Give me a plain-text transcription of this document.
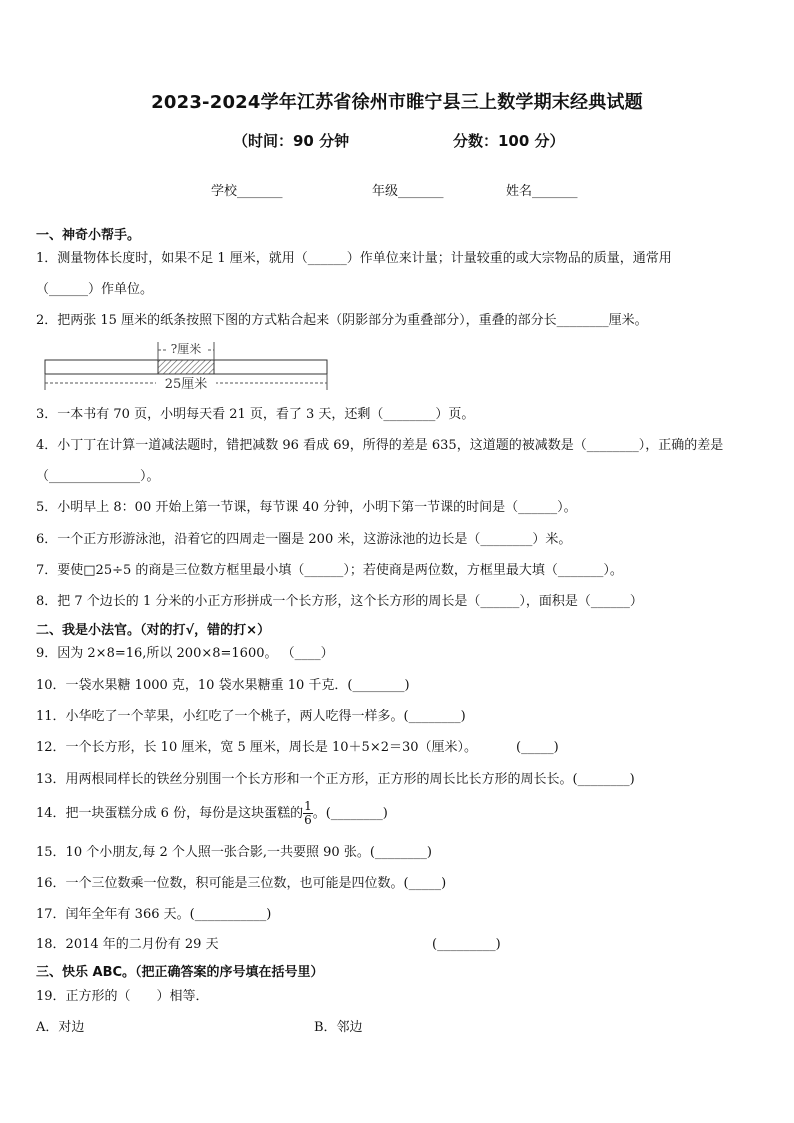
2023-2024学年江苏省徐州市睢宁县三上数学期末经典试题
（时间：90 分钟	分数：100 分）
学校_______	年级_______	姓名_______
一、神奇小帮手。
1．测量物体长度时，如果不足 1 厘米，就用（______）作单位来计量；计量较重的或大宗物品的质量，通常用
（______）作单位。
2．把两张 15 厘米的纸条按照下图的方式粘合起来（阴影部分为重叠部分），重叠的部分长________厘米。
?厘米
25厘米
3．一本书有 70 页，小明每天看 21 页，看了 3 天，还剩（________）页。
4．小丁丁在计算一道减法题时，错把减数 96 看成 69，所得的差是 635，这道题的被减数是（________），正确的差是
（______________）。
5．小明早上 8：00 开始上第一节课，每节课 40 分钟，小明下第一节课的时间是（______）。
6．一个正方形游泳池，沿着它的四周走一圈是 200 米，这游泳池的边长是（________）米。
7．要使□25÷5 的商是三位数方框里最小填（______）；若使商是两位数，方框里最大填（_______）。
8．把 7 个边长的 1 分米的小正方形拼成一个长方形，这个长方形的周长是（______），面积是（______）
二、我是小法官。（对的打√，错的打×）
9．因为 2×8=16,所以 200×8=1600。 （____）
10．一袋水果糖 1000 克，10 袋水果糖重 10 千克．(________)
11．小华吃了一个苹果，小红吃了一个桃子，两人吃得一样多。(________)
12．一个长方形，长 10 厘米，宽 5 厘米，周长是 10＋5×2＝30（厘米）。	(_____)
13．用两根同样长的铁丝分别围一个长方形和一个正方形，正方形的周长比长方形的周长长。(________)
14．把一块蛋糕分成 6 份，每份是这块蛋糕的 $\frac{1}{6}$ 。(________)
15．10 个小朋友,每 2 个人照一张合影,一共要照 90 张。(________)
16．一个三位数乘一位数，积可能是三位数，也可能是四位数。(_____)
17．闰年全年有 366 天。(___________)
18．2014 年的二月份有 29 天	(_________)
三、快乐 ABC。（把正确答案的序号填在括号里）
19．正方形的（　　）相等．
A．对边	B．邻边
